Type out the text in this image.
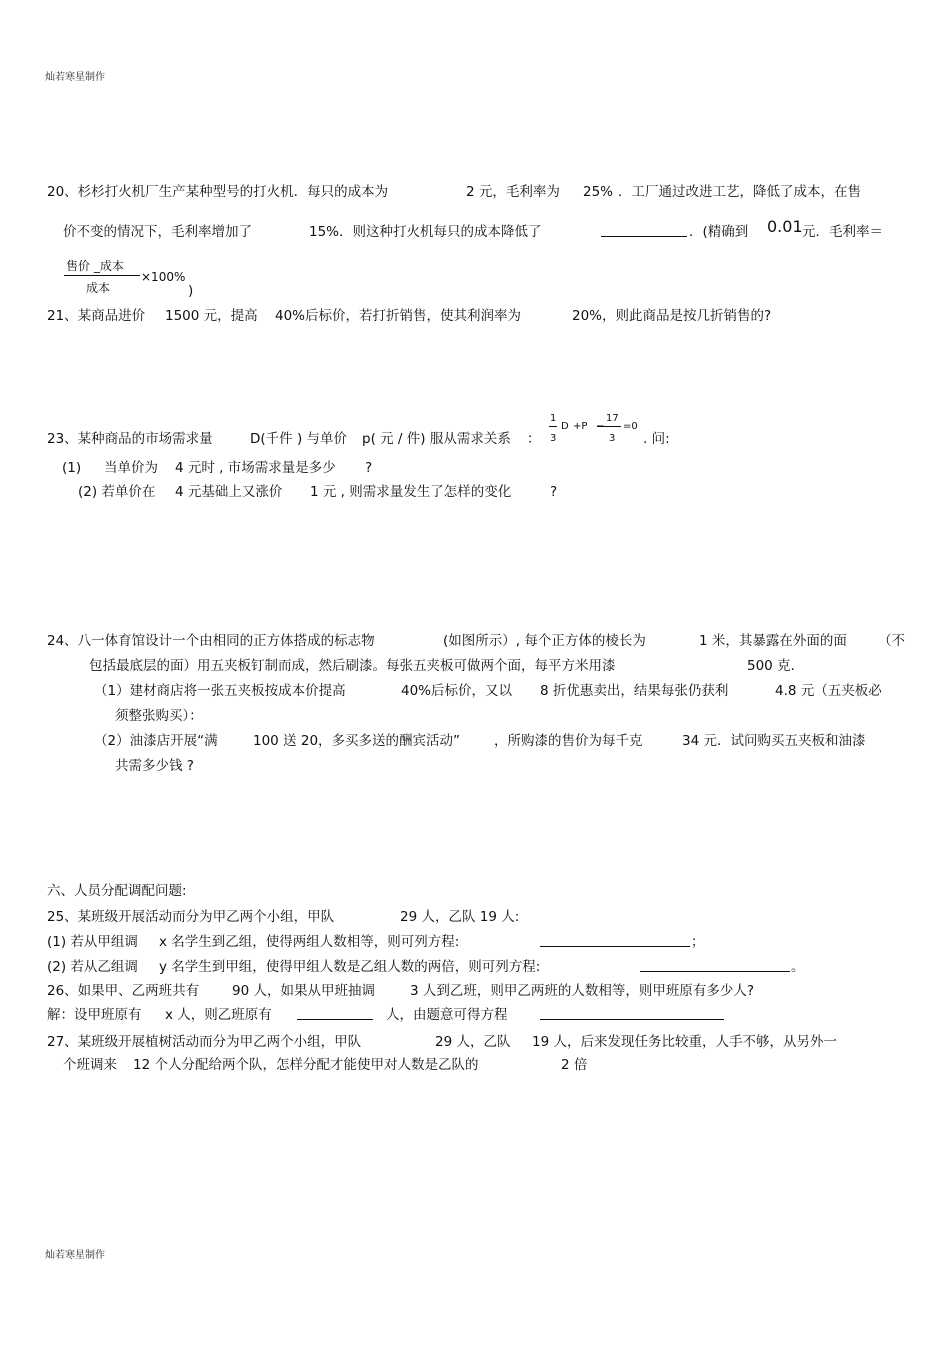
灿若寒星制作
20、杉杉打火机厂生产某种型号的打火机．每只的成本为	2 元，毛利率为 25% ．工厂通过改进工艺，降低了成本，在售
价不变的情况下，毛利率增加了	15%．则这种打火机每只的成本降低了	．(精确到 0.01 元．毛利率＝
售价 _成本
成本
×100%
)
21、某商品进价 1500 元，提高 40%后标价，若打折销售，使其利润率为	20%，则此商品是按几折销售的?
23、某种商品的市场需求量	D(千件 ) 与单价 p( 元 / 件) 服从需求关系 ：
1
3
D +P
17
−
3
=0
. 问:
(1) 当单价为 4 元时 , 市场需求量是多少 ?
(2) 若单价在 4 元基础上又涨价 1 元 , 则需求量发生了怎样的变化	?
24、八一体育馆设计一个由相同的正方体搭成的标志物	(如图所示）, 每个正方体的棱长为	1 米，其暴露在外面的面 （不
包括最底层的面）用五夹板钉制而成，然后刷漆。每张五夹板可做两个面，每平方米用漆	500 克.
（1）建材商店将一张五夹板按成本价提高	40%后标价，又以 8 折优惠卖出，结果每张仍获利	4.8 元（五夹板必
须整张购买）：
（2）油漆店开展“满	100 送 20，多买多送的酬宾活动”	，所购漆的售价为每千克	34 元．试问购买五夹板和油漆
共需多少钱 ?
六、人员分配调配问题:
25、某班级开展活动而分为甲乙两个小组，甲队	29 人，乙队 19 人:
(1) 若从甲组调 x 名学生到乙组，使得两组人数相等，则可列方程:	；
(2) 若从乙组调 y 名学生到甲组，使得甲组人数是乙组人数的两倍，则可列方程:	。
26、如果甲、乙两班共有 90 人，如果从甲班抽调	3 人到乙班，则甲乙两班的人数相等，则甲班原有多少人?
解：设甲班原有 x 人，则乙班原有	人，由题意可得方程
27、某班级开展植树活动而分为甲乙两个小组，甲队	29 人，乙队 19 人，后来发现任务比较重，人手不够，从另外一
个班调来 12 个人分配给两个队，怎样分配才能使甲对人数是乙队的	2 倍
灿若寒星制作
